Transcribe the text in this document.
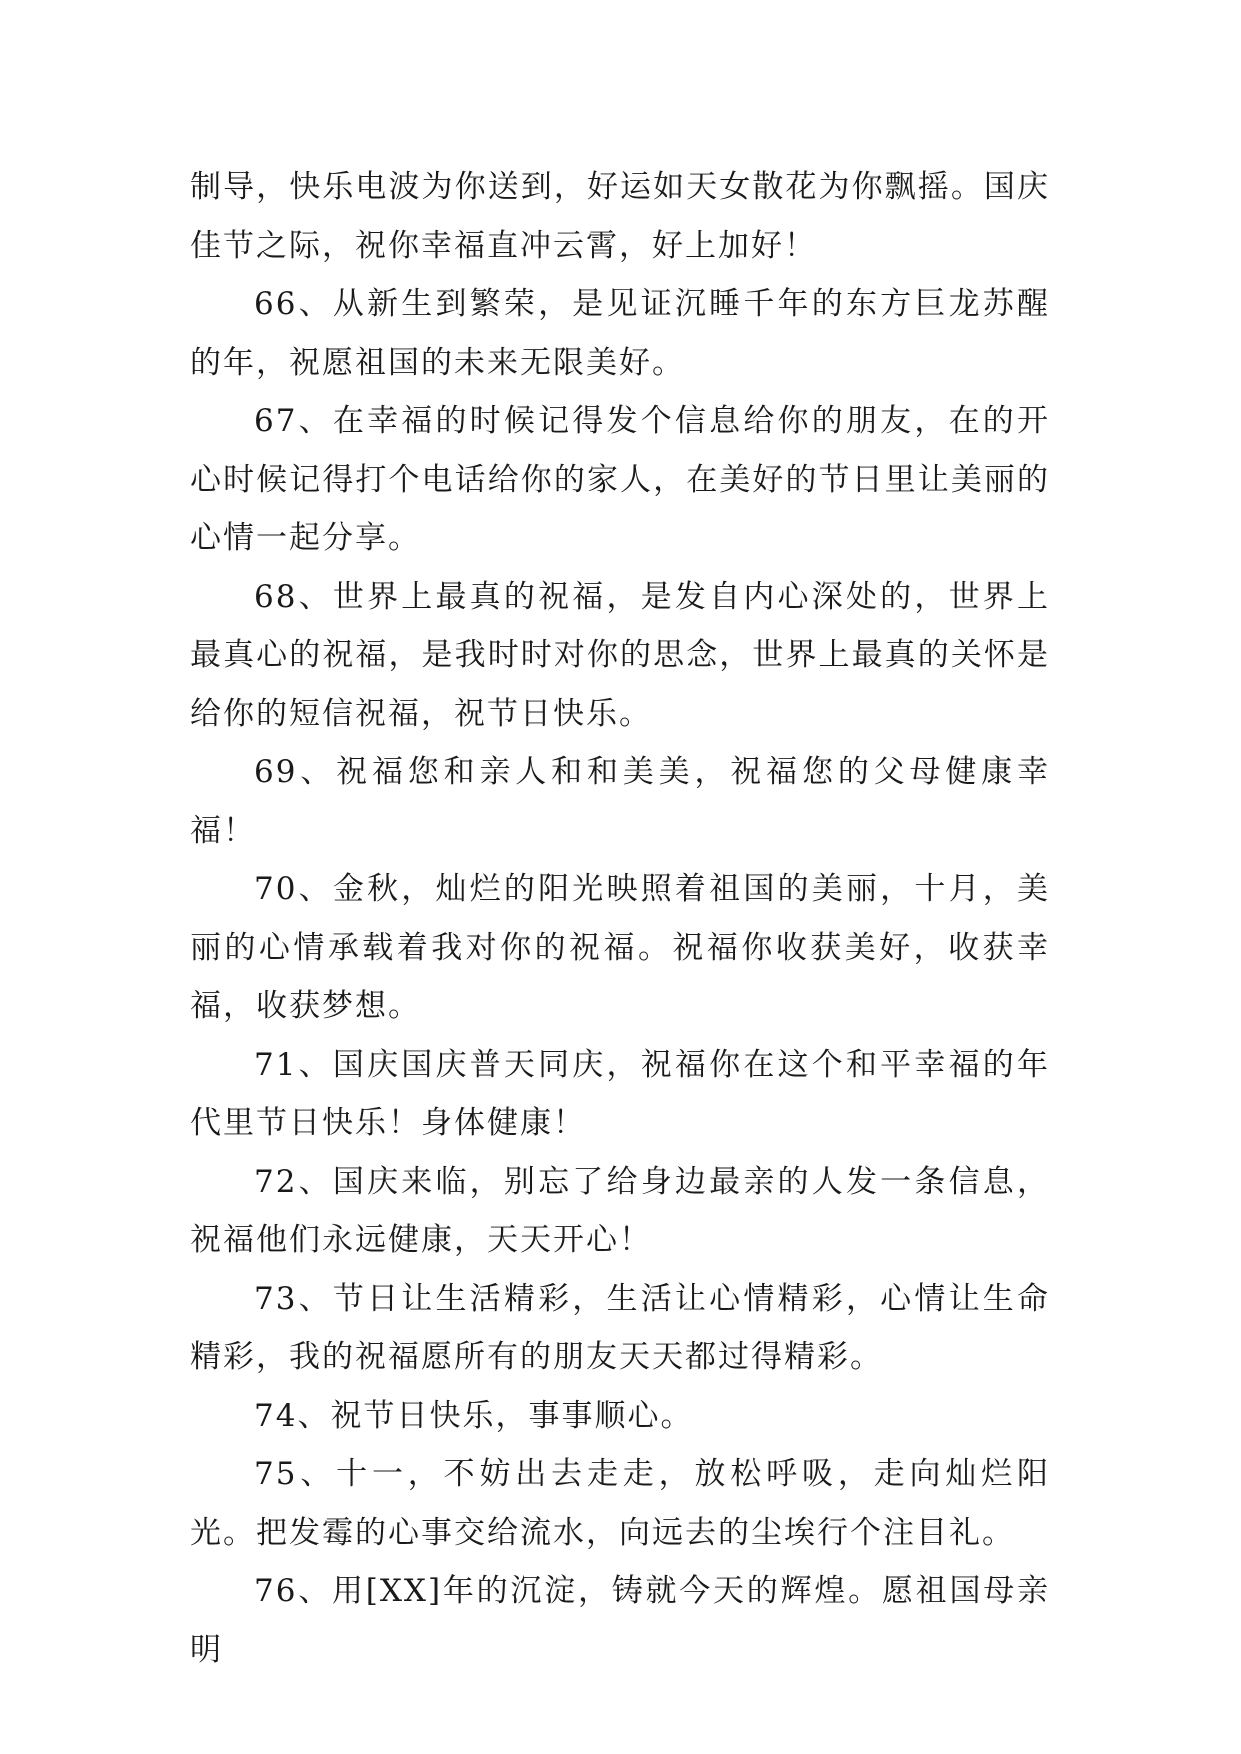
制导，快乐电波为你送到，好运如天女散花为你飘摇。国庆佳节之际，祝你幸福直冲云霄，好上加好！

66、从新生到繁荣，是见证沉睡千年的东方巨龙苏醒的年，祝愿祖国的未来无限美好。

67、在幸福的时候记得发个信息给你的朋友，在的开心时候记得打个电话给你的家人，在美好的节日里让美丽的心情一起分享。

68、世界上最真的祝福，是发自内心深处的，世界上最真心的祝福，是我时时对你的思念，世界上最真的关怀是给你的短信祝福，祝节日快乐。

69、祝福您和亲人和和美美，祝福您的父母健康幸福！

70、金秋，灿烂的阳光映照着祖国的美丽，十月，美丽的心情承载着我对你的祝福。祝福你收获美好，收获幸福，收获梦想。

71、国庆国庆普天同庆，祝福你在这个和平幸福的年代里节日快乐！身体健康！

72、国庆来临，别忘了给身边最亲的人发一条信息，祝福他们永远健康，天天开心！

73、节日让生活精彩，生活让心情精彩，心情让生命精彩，我的祝福愿所有的朋友天天都过得精彩。

74、祝节日快乐，事事顺心。

75、十一，不妨出去走走，放松呼吸，走向灿烂阳光。把发霉的心事交给流水，向远去的尘埃行个注目礼。

76、用[XX]年的沉淀，铸就今天的辉煌。愿祖国母亲明
